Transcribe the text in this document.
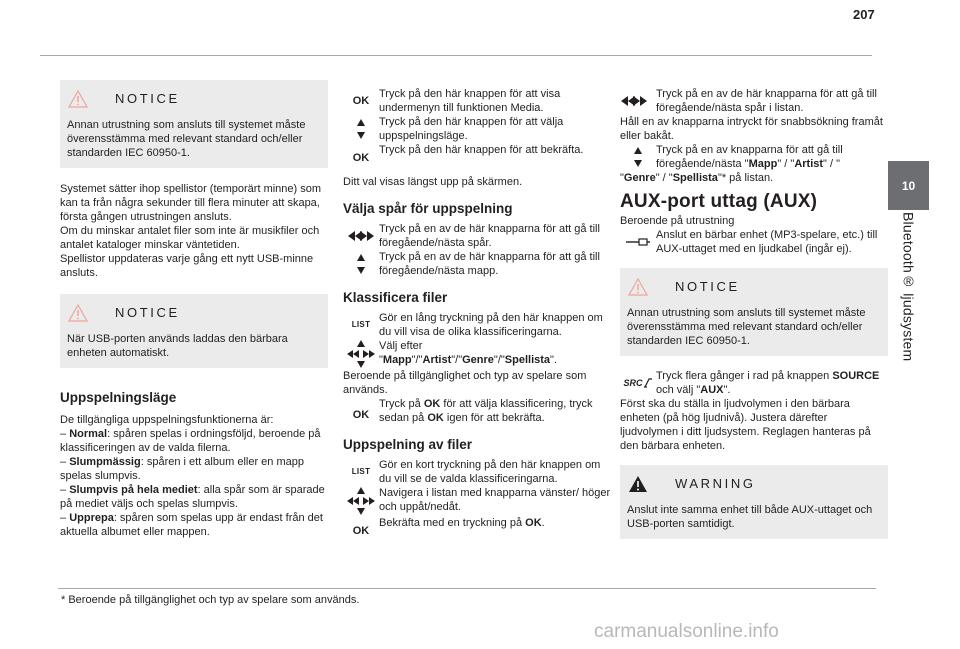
207
10
Bluetooth® ljudsystem
NOTICE

Annan utrustning som ansluts till systemet måste överensstämma med relevant standard och/eller standarden IEC 60950-1.

Systemet sätter ihop spellistor (temporärt minne) som kan ta från några sekunder till flera minuter att skapa, första gången utrustningen ansluts.

Om du minskar antalet filer som inte är musikfiler och antalet kataloger minskar väntetiden.

Spellistor uppdateras varje gång ett nytt USB-minne ansluts.

NOTICE

När USB-porten används laddas den bärbara enheten automatiskt.

Uppspelningsläge

De tillgängliga uppspelningsfunktionerna är:

– Normal: spåren spelas i ordningsföljd, beroende på klassificeringen av de valda filerna.

– Slumpmässig: spåren i ett album eller en mapp spelas slumpvis.

– Slumpvis på hela mediet: alla spår som är sparade på mediet väljs och spelas slumpvis.

– Upprepa: spåren som spelas upp är endast från det aktuella albumet eller mappen.

OK

Tryck på den här knappen för att visa undermenyn till funktionen Media.

Tryck på den här knappen för att välja uppspelningsläge.

OK

Tryck på den här knappen för att bekräfta.

Ditt val visas längst upp på skärmen.

Välja spår för uppspelning

Tryck på en av de här knapparna för att gå till föregående/nästa spår.

Tryck på en av de här knapparna för att gå till föregående/nästa mapp.

Klassificera filer
LIST

Gör en lång tryckning på den här knappen om du vill visa de olika klassificeringarna.

Välj efter
"Mapp"/"Artist"/"Genre"/"Spellista".

Beroende på tillgänglighet och typ av spelare som används.

OK

Tryck på OK för att välja klassificering, tryck sedan på OK igen för att bekräfta.

Uppspelning av filer
LIST

Gör en kort tryckning på den här knappen om du vill se de valda klassificeringarna.

Navigera i listan med knapparna vänster/ höger och uppåt/nedåt.

OK

Bekräfta med en tryckning på OK.

Tryck på en av de här knapparna för att gå till föregående/nästa spår i listan.

Håll en av knapparna intryckt för snabbsökning framåt eller bakåt.

Tryck på en av knapparna för att gå till föregående/nästa "Mapp" / "Artist" / "

"Genre" / "Spellista"* på listan.

AUX-port uttag (AUX)

Beroende på utrustning

Anslut en bärbar enhet (MP3-spelare, etc.) till AUX-uttaget med en ljudkabel (ingår ej).

NOTICE

Annan utrustning som ansluts till systemet måste överensstämma med relevant standard och/eller standarden IEC 60950-1.

SRC

Tryck flera gånger i rad på knappen SOURCE och välj "AUX".

Först ska du ställa in ljudvolymen i den bärbara enheten (på hög ljudnivå). Justera därefter ljudvolymen i ditt ljudsystem. Reglagen hanteras på den bärbara enheten.

WARNING

Anslut inte samma enhet till både AUX-uttaget och USB-porten samtidigt.

* Beroende på tillgänglighet och typ av spelare som används.
carmanualsonline.info
